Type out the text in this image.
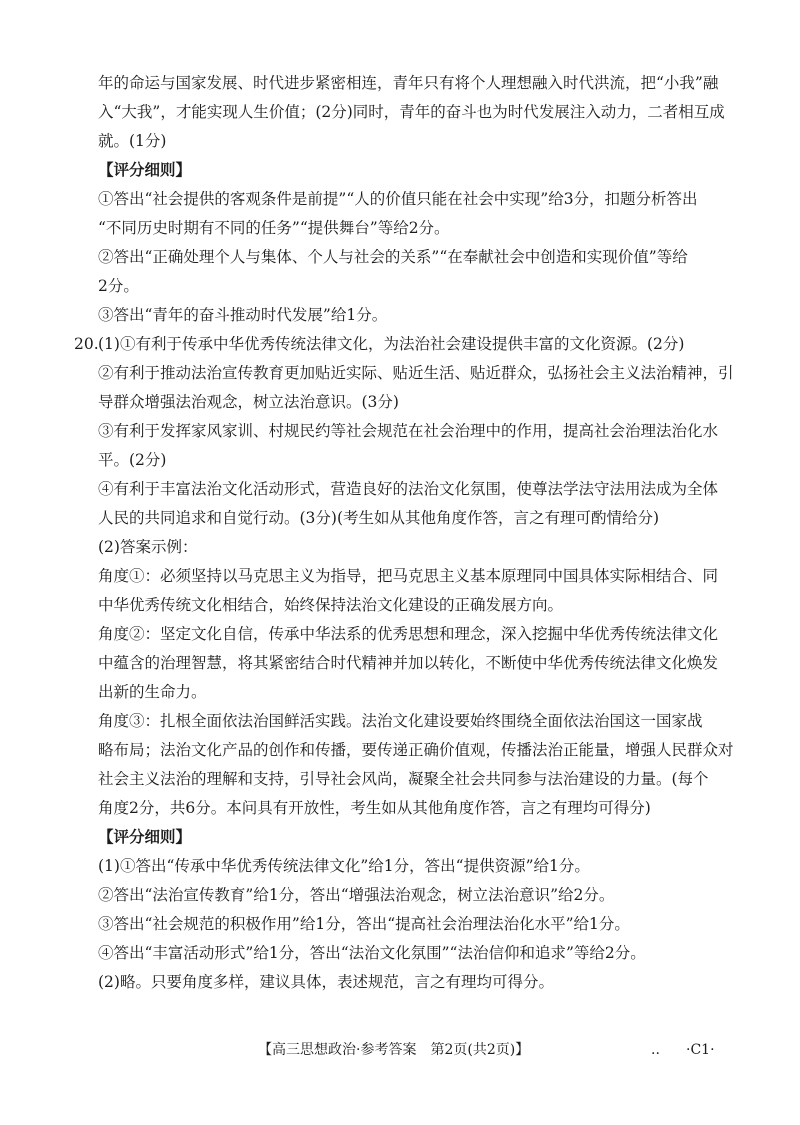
年的命运与国家发展、时代进步紧密相连，青年只有将个人理想融入时代洪流，把“小我”融
入“大我”，才能实现人生价值；(2分)同时，青年的奋斗也为时代发展注入动力，二者相互成
就。(1分)
【评分细则】
①答出“社会提供的客观条件是前提”“人的价值只能在社会中实现”给3分，扣题分析答出
“不同历史时期有不同的任务”“提供舞台”等给2分。
②答出“正确处理个人与集体、个人与社会的关系”“在奉献社会中创造和实现价值”等给
2分。
③答出“青年的奋斗推动时代发展”给1分。
20. (1)①有利于传承中华优秀传统法律文化，为法治社会建设提供丰富的文化资源。(2分)
②有利于推动法治宣传教育更加贴近实际、贴近生活、贴近群众，弘扬社会主义法治精神，引
导群众增强法治观念，树立法治意识。(3分)
③有利于发挥家风家训、村规民约等社会规范在社会治理中的作用，提高社会治理法治化水
平。(2分)
④有利于丰富法治文化活动形式，营造良好的法治文化氛围，使尊法学法守法用法成为全体
人民的共同追求和自觉行动。(3分)(考生如从其他角度作答，言之有理可酌情给分)
(2)答案示例：
角度①：必须坚持以马克思主义为指导，把马克思主义基本原理同中国具体实际相结合、同
中华优秀传统文化相结合，始终保持法治文化建设的正确发展方向。
角度②：坚定文化自信，传承中华法系的优秀思想和理念，深入挖掘中华优秀传统法律文化
中蕴含的治理智慧，将其紧密结合时代精神并加以转化，不断使中华优秀传统法律文化焕发
出新的生命力。
角度③：扎根全面依法治国鲜活实践。法治文化建设要始终围绕全面依法治国这一国家战
略布局；法治文化产品的创作和传播，要传递正确价值观，传播法治正能量，增强人民群众对
社会主义法治的理解和支持，引导社会风尚，凝聚全社会共同参与法治建设的力量。(每个
角度2分，共6分。本问具有开放性，考生如从其他角度作答，言之有理均可得分)
【评分细则】
(1)①答出“传承中华优秀传统法律文化”给1分，答出“提供资源”给1分。
②答出“法治宣传教育”给1分，答出“增强法治观念，树立法治意识”给2分。
③答出“社会规范的积极作用”给1分，答出“提高社会治理法治化水平”给1分。
④答出“丰富活动形式”给1分，答出“法治文化氛围”“法治信仰和追求”等给2分。
(2)略。只要角度多样，建议具体，表述规范，言之有理均可得分。
【高三思想政治·参考答案　第2页(共2页)】	.. ·C1·
